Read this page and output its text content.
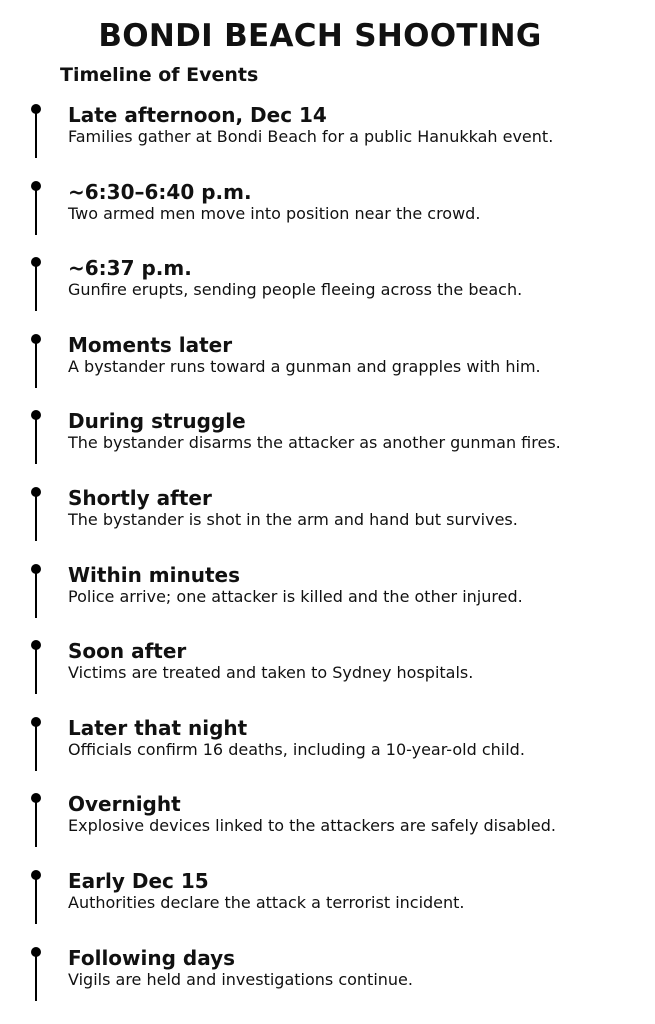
BONDI BEACH SHOOTING
Timeline of Events
Late afternoon, Dec 14
Families gather at Bondi Beach for a public Hanukkah event.
~6:30–6:40 p.m.
Two armed men move into position near the crowd.
~6:37 p.m.
Gunfire erupts, sending people fleeing across the beach.
Moments later
A bystander runs toward a gunman and grapples with him.
During struggle
The bystander disarms the attacker as another gunman fires.
Shortly after
The bystander is shot in the arm and hand but survives.
Within minutes
Police arrive; one attacker is killed and the other injured.
Soon after
Victims are treated and taken to Sydney hospitals.
Later that night
Officials confirm 16 deaths, including a 10-year-old child.
Overnight
Explosive devices linked to the attackers are safely disabled.
Early Dec 15
Authorities declare the attack a terrorist incident.
Following days
Vigils are held and investigations continue.
